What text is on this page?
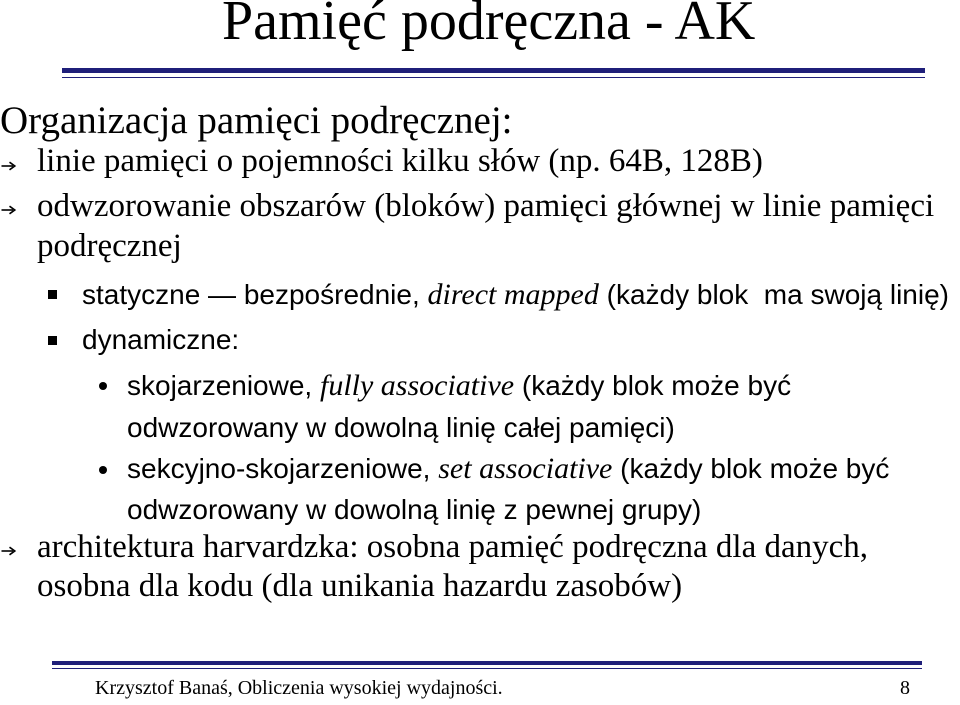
Pamięć podręczna - AK
Organizacja pamięci podręcznej:
linie pamięci o pojemności kilku słów (np. 64B, 128B)
odwzorowanie obszarów (bloków) pamięci głównej w linie pamięci
podręcznej
statyczne — bezpośrednie, direct mapped (każdy blok  ma swoją linię)
dynamiczne:
skojarzeniowe, fully associative (każdy blok może być
odwzorowany w dowolną linię całej pamięci)
sekcyjno-skojarzeniowe, set associative (każdy blok może być
odwzorowany w dowolną linię z pewnej grupy)
architektura harvardzka: osobna pamięć podręczna dla danych,
osobna dla kodu (dla unikania hazardu zasobów)
Krzysztof Banaś, Obliczenia wysokiej wydajności.	8
